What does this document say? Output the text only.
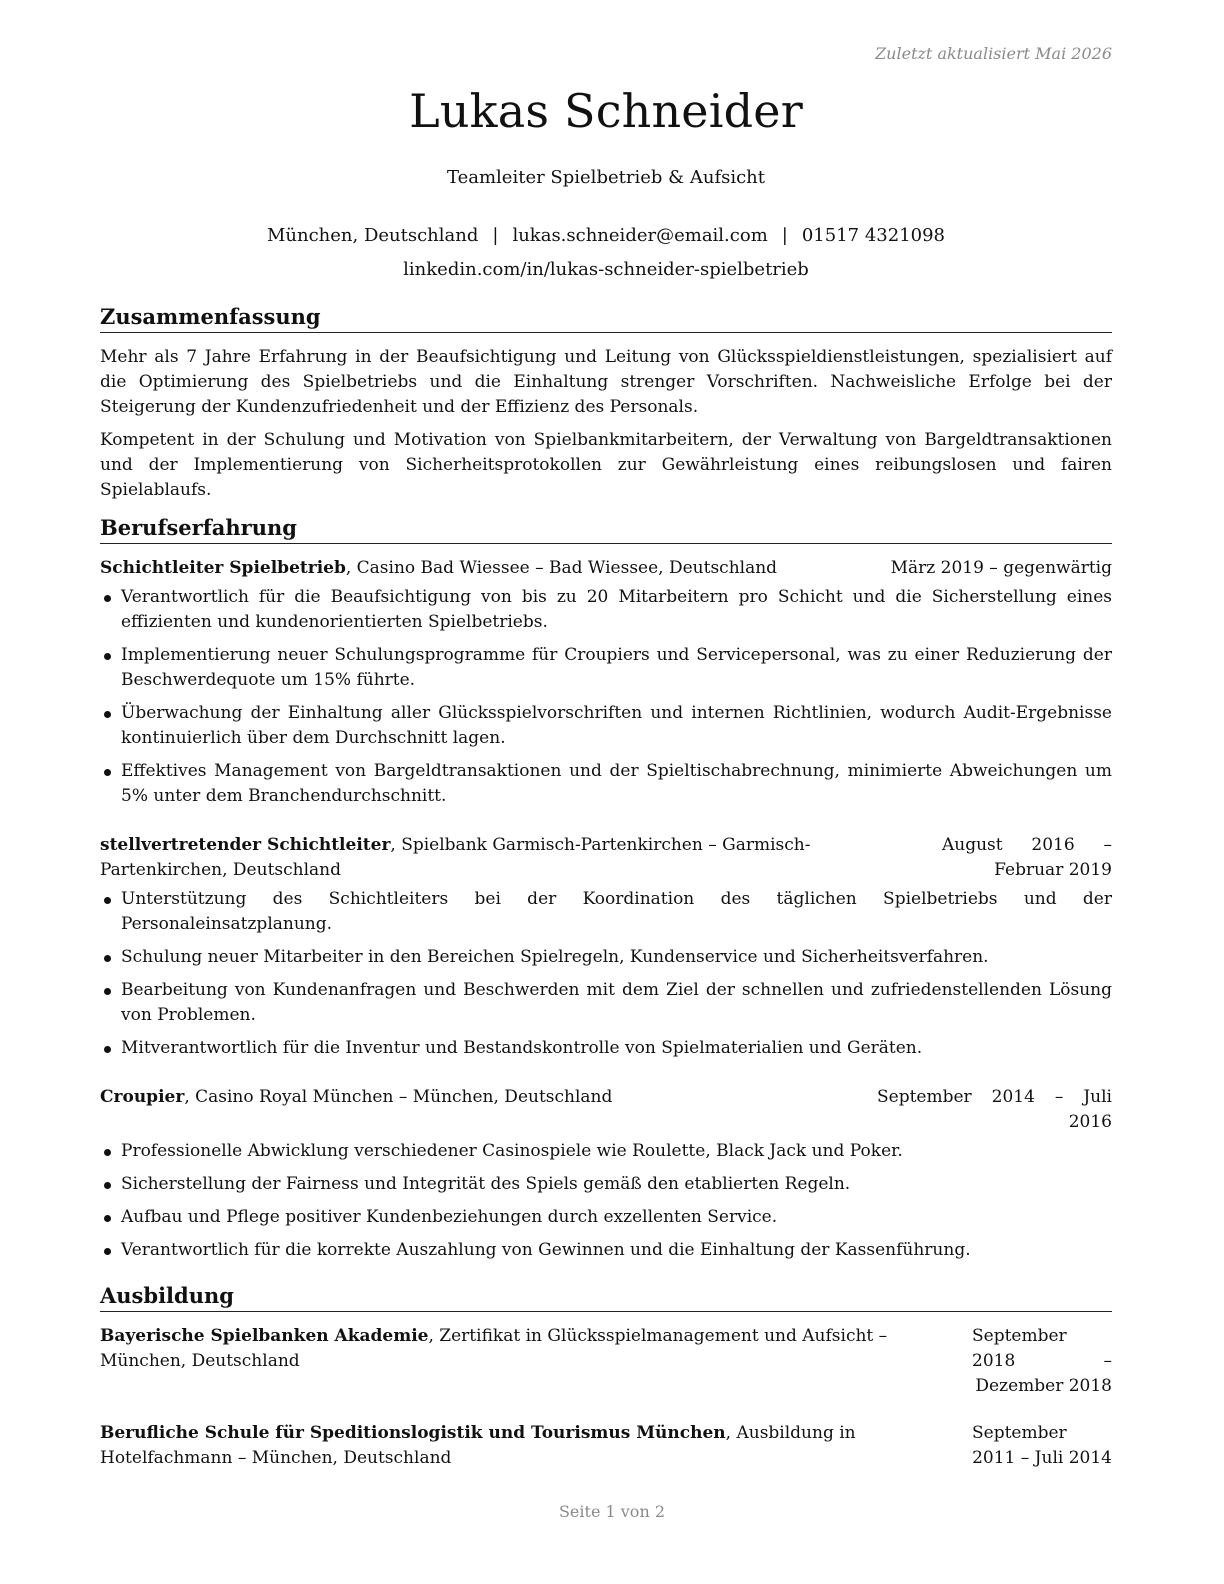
Zuletzt aktualisiert Mai 2026
Lukas Schneider
Teamleiter Spielbetrieb & Aufsicht
München, Deutschland | lukas.schneider@email.com | 01517 4321098
linkedin.com/in/lukas-schneider-spielbetrieb
Zusammenfassung

Mehr als 7 Jahre Erfahrung in der Beaufsichtigung und Leitung von Glücksspieldienstleistungen, spezialisiert auf die Optimierung des Spielbetriebs und die Einhaltung strenger Vorschriften. Nachweisliche Erfolge bei der Steigerung der Kundenzufriedenheit und der Effizienz des Personals.

Kompetent in der Schulung und Motivation von Spielbankmitarbeitern, der Verwaltung von Bargeldtransaktionen und der Implementierung von Sicherheitsprotokollen zur Gewährleistung eines reibungslosen und fairen Spielablaufs.

Berufserfahrung
Schichtleiter Spielbetrieb, Casino Bad Wiessee – Bad Wiessee, Deutschland	März 2019 – gegenwärtig
Verantwortlich für die Beaufsichtigung von bis zu 20 Mitarbeitern pro Schicht und die Sicherstellung eines effizienten und kundenorientierten Spielbetriebs.
Implementierung neuer Schulungsprogramme für Croupiers und Servicepersonal, was zu einer Reduzierung der Beschwerdequote um 15% führte.
Überwachung der Einhaltung aller Glücksspielvorschriften und internen Richtlinien, wodurch Audit-Ergebnisse kontinuierlich über dem Durchschnitt lagen.
Effektives Management von Bargeldtransaktionen und der Spieltischabrechnung, minimierte Abweichungen um 5% unter dem Branchendurchschnitt.
stellvertretender Schichtleiter, Spielbank Garmisch-Partenkirchen – Garmisch-Partenkirchen, Deutschland
August 2016 – Februar 2019
Unterstützung des Schichtleiters bei der Koordination des täglichen Spielbetriebs und der Personaleinsatzplanung.
Schulung neuer Mitarbeiter in den Bereichen Spielregeln, Kundenservice und Sicherheitsverfahren.
Bearbeitung von Kundenanfragen und Beschwerden mit dem Ziel der schnellen und zufriedenstellenden Lösung von Problemen.
Mitverantwortlich für die Inventur und Bestandskontrolle von Spielmaterialien und Geräten.
Croupier, Casino Royal München – München, Deutschland	September 2014 – Juli 2016
Professionelle Abwicklung verschiedener Casinospiele wie Roulette, Black Jack und Poker.
Sicherstellung der Fairness und Integrität des Spiels gemäß den etablierten Regeln.
Aufbau und Pflege positiver Kundenbeziehungen durch exzellenten Service.
Verantwortlich für die korrekte Auszahlung von Gewinnen und die Einhaltung der Kassenführung.
Ausbildung
Bayerische Spielbanken Akademie, Zertifikat in Glücksspielmanagement und Aufsicht – München, Deutschland
September 2018 – Dezember 2018
Berufliche Schule für Speditionslogistik und Tourismus München, Ausbildung in Hotelfachmann – München, Deutschland
September 2011 – Juli 2014
Seite 1 von 2
